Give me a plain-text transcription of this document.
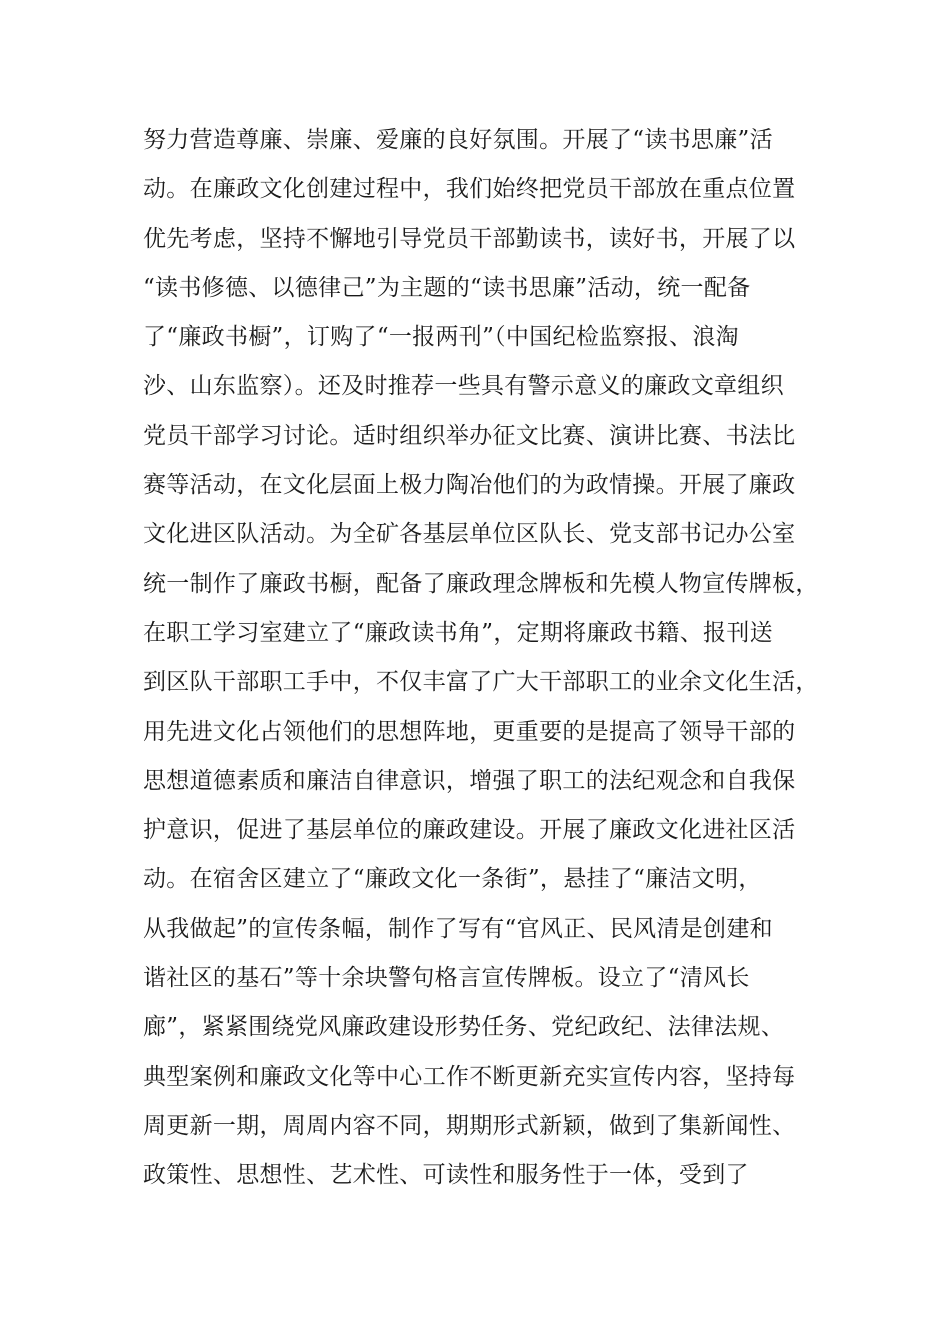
努力营造尊廉、崇廉、爱廉的良好氛围。开展了“读书思廉”活
动。在廉政文化创建过程中，我们始终把党员干部放在重点位置
优先考虑，坚持不懈地引导党员干部勤读书，读好书，开展了以
“读书修德、以德律己”为主题的“读书思廉”活动，统一配备
了“廉政书橱”，订购了“一报两刊”（中国纪检监察报、浪淘
沙、山东监察）。还及时推荐一些具有警示意义的廉政文章组织
党员干部学习讨论。适时组织举办征文比赛、演讲比赛、书法比
赛等活动，在文化层面上极力陶冶他们的为政情操。开展了廉政
文化进区队活动。为全矿各基层单位区队长、党支部书记办公室
统一制作了廉政书橱，配备了廉政理念牌板和先模人物宣传牌板，
在职工学习室建立了“廉政读书角”，定期将廉政书籍、报刊送
到区队干部职工手中，不仅丰富了广大干部职工的业余文化生活，
用先进文化占领他们的思想阵地，更重要的是提高了领导干部的
思想道德素质和廉洁自律意识，增强了职工的法纪观念和自我保
护意识，促进了基层单位的廉政建设。开展了廉政文化进社区活
动。在宿舍区建立了“廉政文化一条街”，悬挂了“廉洁文明，
从我做起”的宣传条幅，制作了写有“官风正、民风清是创建和
谐社区的基石”等十余块警句格言宣传牌板。设立了“清风长
廊”，紧紧围绕党风廉政建设形势任务、党纪政纪、法律法规、
典型案例和廉政文化等中心工作不断更新充实宣传内容，坚持每
周更新一期，周周内容不同，期期形式新颖，做到了集新闻性、
政策性、思想性、艺术性、可读性和服务性于一体，受到了
